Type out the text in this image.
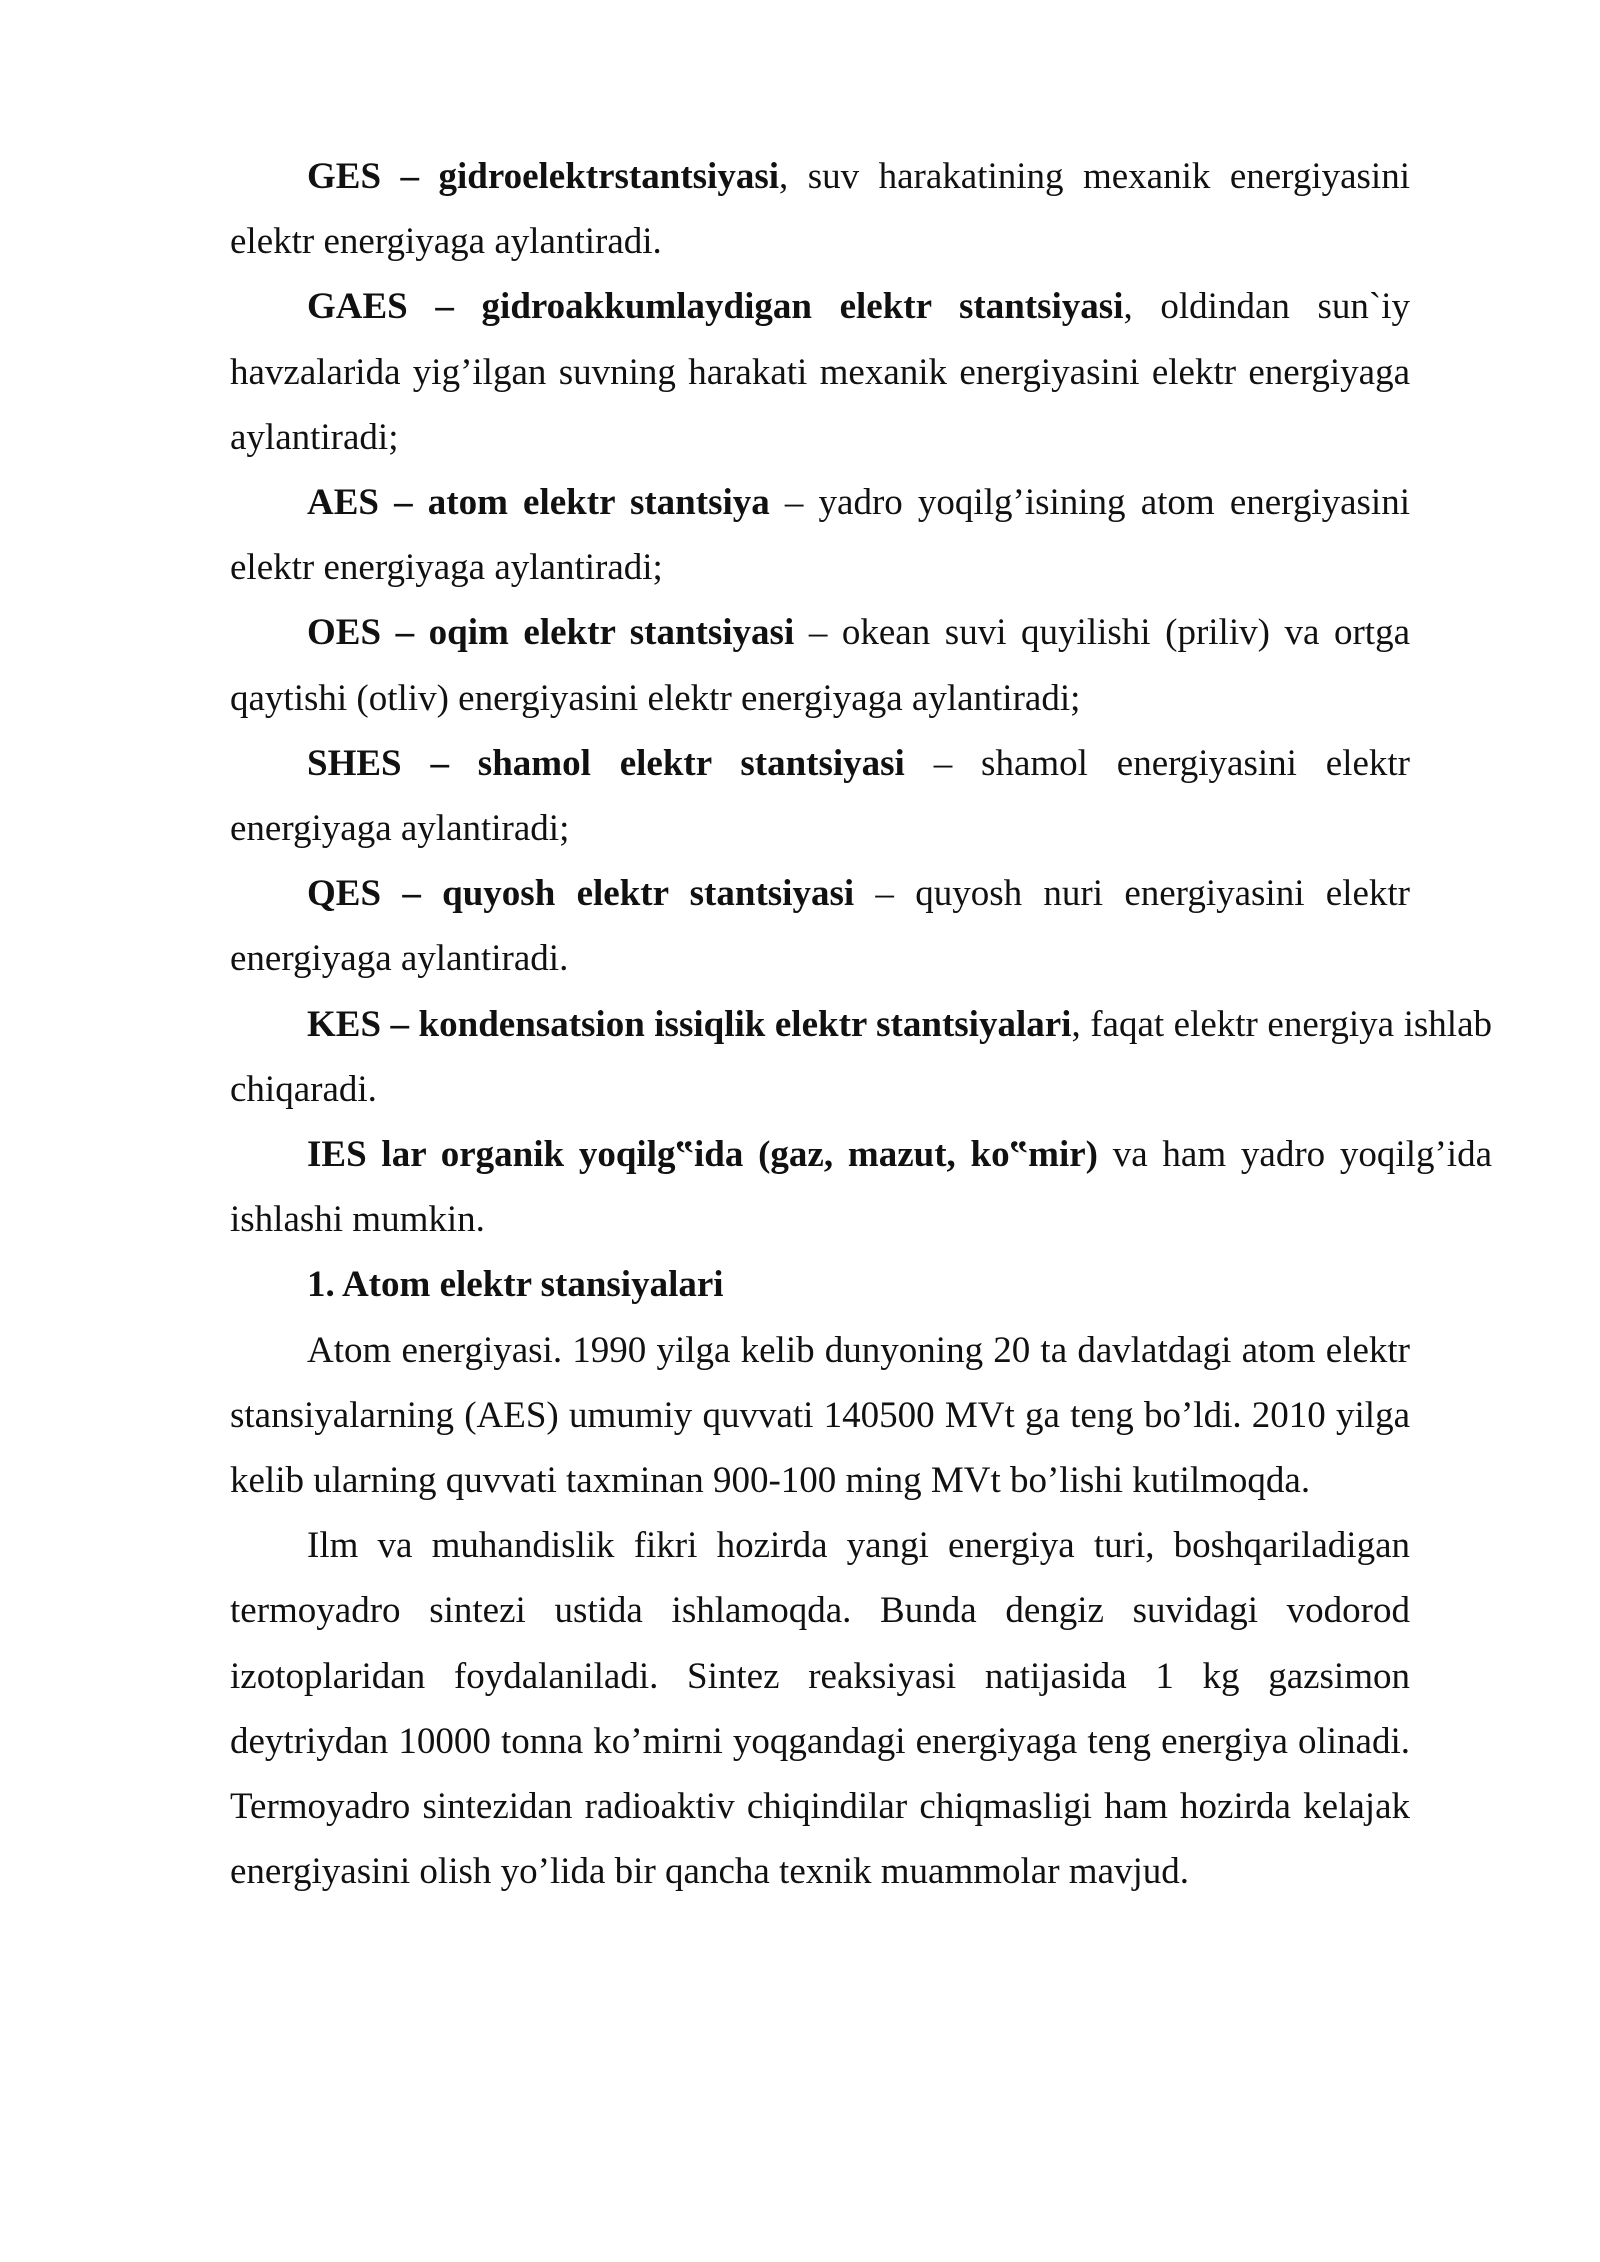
GES – gidroelektrstantsiyasi, suv harakatining mexanik energiyasini elektr energiyaga aylantiradi.

GAES – gidroakkumlaydigan elektr stantsiyasi, oldindan sun`iy havzalarida yig’ilgan suvning harakati mexanik energiyasini elektr energiyaga aylantiradi;

AES – atom elektr stantsiya – yadro yoqilg’isining atom energiyasini elektr energiyaga aylantiradi;

OES – oqim elektr stantsiyasi – okean suvi quyilishi (priliv) va ortga qaytishi (otliv) energiyasini elektr energiyaga aylantiradi;

SHES – shamol elektr stantsiyasi – shamol energiyasini elektr energiyaga aylantiradi;

QES – quyosh elektr stantsiyasi – quyosh nuri energiyasini elektr energiyaga aylantiradi.

KES – kondensatsion issiqlik elektr stantsiyalari, faqat elektr energiya ishlab chiqaradi.

IES lar organik yoqilg‟ida (gaz, mazut, ko‟mir) va ham yadro yoqilg’ida ishlashi mumkin.

1. Atom elektr stansiyalari

Atom energiyasi. 1990 yilga kelib dunyoning 20 ta davlatdagi atom elektr stansiyalarning (AES) umumiy quvvati 140500 MVt ga teng bo’ldi. 2010 yilga kelib ularning quvvati taxminan 900-100 ming MVt bo’lishi kutilmoqda.

Ilm va muhandislik fikri hozirda yangi energiya turi, boshqariladigan termoyadro sintezi ustida ishlamoqda. Bunda dengiz suvidagi vodorod izotoplaridan foydalaniladi. Sintez reaksiyasi natijasida 1 kg gazsimon deytriydan 10000 tonna ko’mirni yoqgandagi energiyaga teng energiya olinadi. Termoyadro sintezidan radioaktiv chiqindilar chiqmasligi ham hozirda kelajak energiyasini olish yo’lida bir qancha texnik muammolar mavjud.
